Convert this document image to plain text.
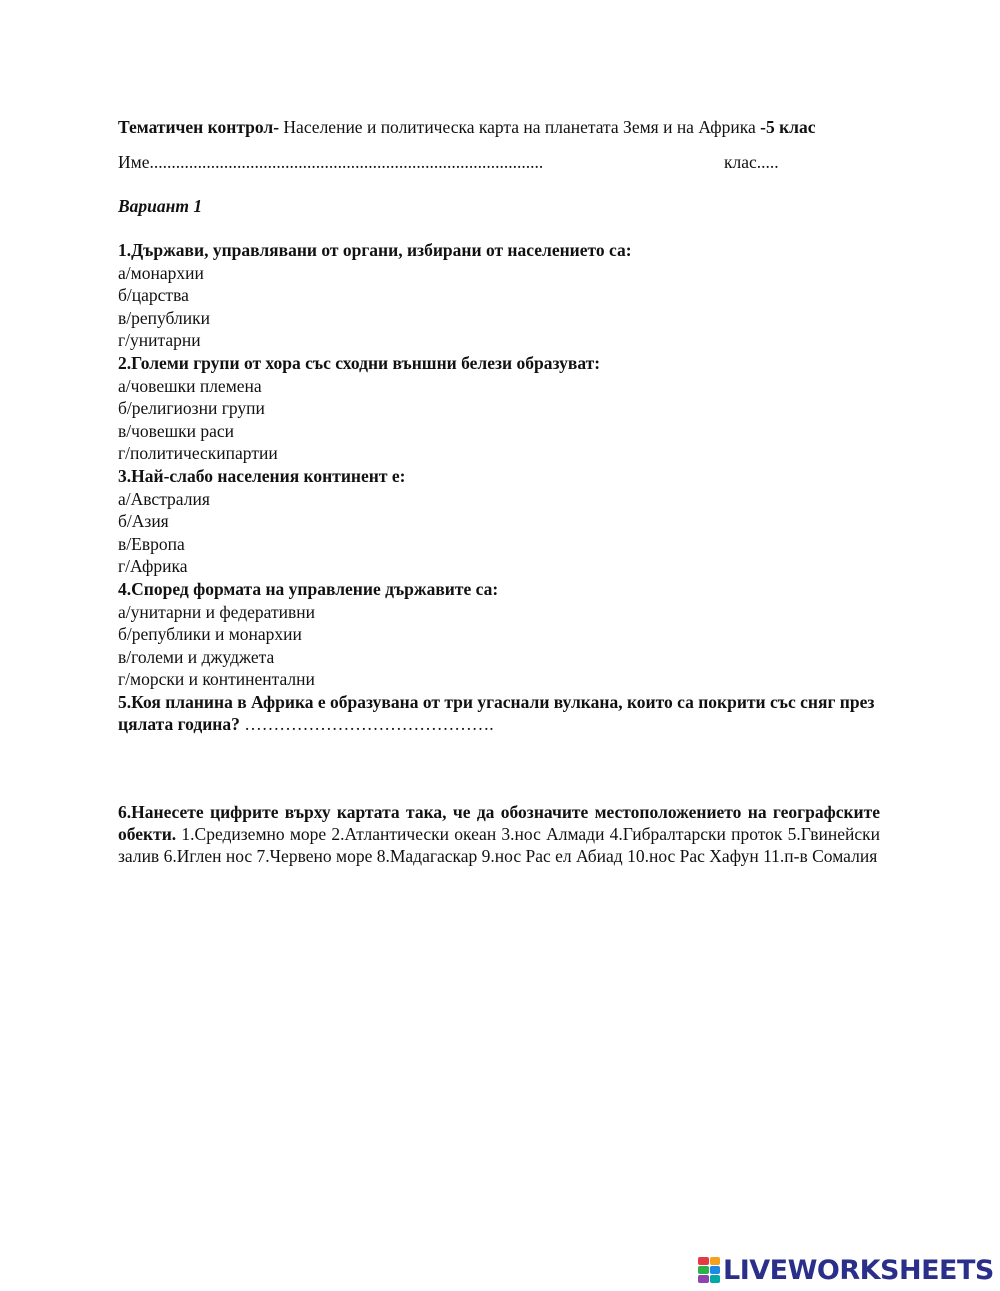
Тематичен контрол- Население и политическа карта на планетата Земя и на Африка -5 клас
Име..........................................................................................	клас.....
Вариант 1
1.Държави, управлявани от органи, избирани от населението са:
а/монархии
б/царства
в/републики
г/унитарни
2.Големи групи от хора със сходни външни белези образуват:
а/човешки племена
б/религиозни групи
в/човешки раси
г/политическипартии
3.Най-слабо населения континент е:
а/Австралия
б/Азия
в/Европа
г/Африка
4.Според формата на управление държавите са:
а/унитарни и федеративни
б/републики и монархии
в/големи и джуджета
г/морски и континентални
5.Коя планина в Африка е образувана от три угаснали вулкана, които са покрити със сняг през цялата година? …………………………………….
6.Нанесете цифрите върху картата така, че да обозначите местоположението на географските обекти. 1.Средиземно море 2.Атлантически океан 3.нос Алмади 4.Гибралтарски проток 5.Гвинейски залив 6.Иглен нос 7.Червено море 8.Мадагаскар 9.нос Рас ел Абиад 10.нос Рас Хафун 11.п-в Сомалия
LIVEWORKSHEETS
